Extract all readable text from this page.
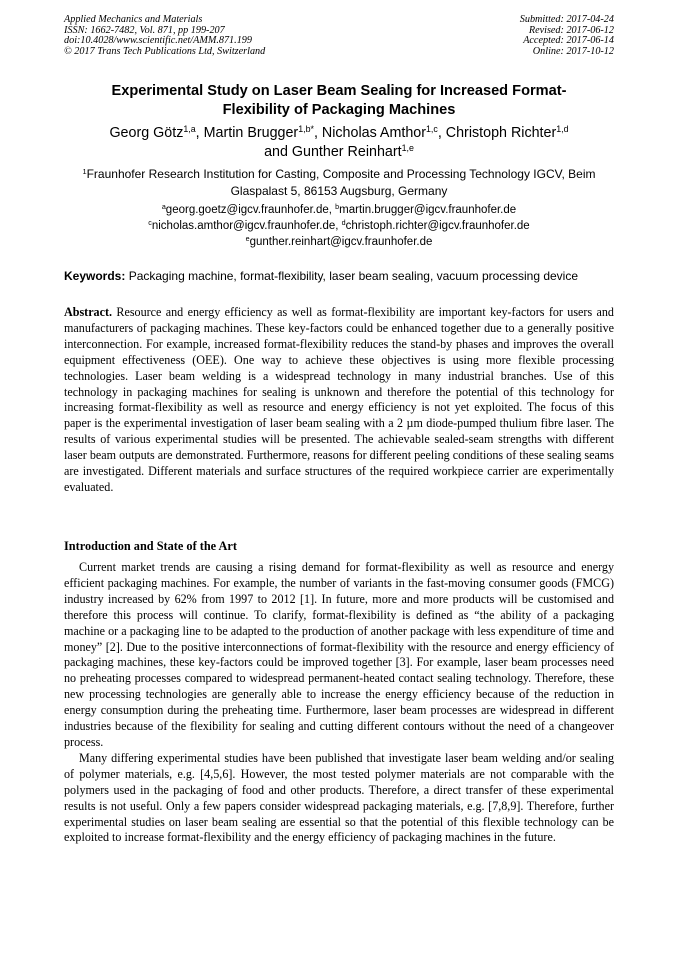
Applied Mechanics and Materials
ISSN: 1662-7482, Vol. 871, pp 199-207
doi:10.4028/www.scientific.net/AMM.871.199
© 2017 Trans Tech Publications Ltd, Switzerland
Submitted: 2017-04-24
Revised: 2017-06-12
Accepted: 2017-06-14
Online: 2017-10-12
Experimental Study on Laser Beam Sealing for Increased Format-
Flexibility of Packaging Machines
Georg Götz$^{1,a}$, Martin Brugger$^{1,b*}$, Nicholas Amthor$^{1,c}$, Christoph Richter$^{1,d}$
and Gunther Reinhart$^{1,e}$
$^1$Fraunhofer Research Institution for Casting, Composite and Processing Technology IGCV, Beim
Glaspalast 5, 86153 Augsburg, Germany
$^a$georg.goetz@igcv.fraunhofer.de, $^b$martin.brugger@igcv.fraunhofer.de
$^c$nicholas.amthor@igcv.fraunhofer.de, $^d$christoph.richter@igcv.fraunhofer.de
$^e$gunther.reinhart@igcv.fraunhofer.de
Keywords: Packaging machine, format-flexibility, laser beam sealing, vacuum processing device
Abstract. Resource and energy efficiency as well as format-flexibility are important key-factors for users and manufacturers of packaging machines. These key-factors could be enhanced together due to a generally positive interconnection. For example, increased format-flexibility reduces the stand-by phases and improves the overall equipment effectiveness (OEE). One way to achieve these objectives is using more flexible processing technologies. Laser beam welding is a widespread technology in many industrial branches. Use of this technology in packaging machines for sealing is unknown and therefore the potential of this technology for increasing format-flexibility as well as resource and energy efficiency is not yet exploited. The focus of this paper is the experimental investigation of laser beam sealing with a 2 µm diode-pumped thulium fibre laser. The results of various experimental studies will be presented. The achievable sealed-seam strengths with different laser beam outputs are demonstrated. Furthermore, reasons for different peeling conditions of these sealing seams are investigated. Different materials and surface structures of the required workpiece carrier are experimentally evaluated.
Introduction and State of the Art

Current market trends are causing a rising demand for format-flexibility as well as resource and energy efficient packaging machines. For example, the number of variants in the fast-moving consumer goods (FMCG) industry increased by 62% from 1997 to 2012 [1]. In future, more and more products will be customised and therefore this process will continue. To clarify, format-flexibility is defined as “the ability of a packaging machine or a packaging line to be adapted to the production of another package with less expenditure of time and money” [2]. Due to the positive interconnections of format-flexibility with the resource and energy efficiency of packaging machines, these key-factors could be improved together [3]. For example, laser beam processes need no preheating processes compared to widespread permanent-heated contact sealing technology. Therefore, these new processing technologies are generally able to increase the energy efficiency because of the reduction in energy consumption during the preheating time. Furthermore, laser beam processes are widespread in different industries because of the flexibility for sealing and cutting different contours without the need of a changeover process.

Many differing experimental studies have been published that investigate laser beam welding and/or sealing of polymer materials, e.g. [4,5,6]. However, the most tested polymer materials are not comparable with the polymers used in the packaging of food and other products. Therefore, a direct transfer of these experimental results is not useful. Only a few papers consider widespread packaging materials, e.g. [7,8,9]. Therefore, further experimental studies on laser beam sealing are essential so that the potential of this flexible technology can be exploited to increase format-flexibility and the energy efficiency of packaging machines in the future.
